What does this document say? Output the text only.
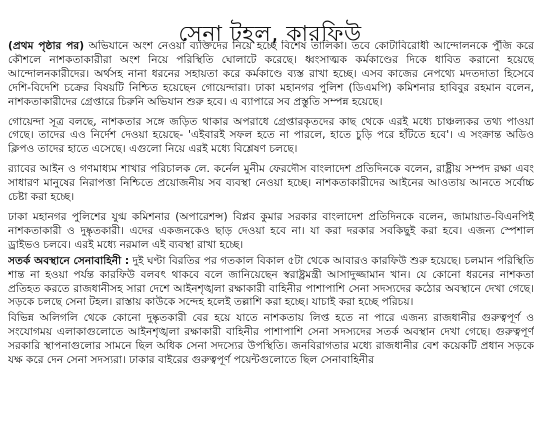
সেনা টহল, কারফিউ

(প্রথম পৃষ্ঠার পর) অভিযানে অংশ নেওয়া ব্যক্তিদের নিয়ে হচ্ছে বিশেষ তালিকা। তবে কোটাবিরোধী আন্দোলনকে পুঁজি করে কৌশলে নাশকতাকারীরা অংশ নিয়ে পরিস্থিতি ঘোলাটে করেছে। ধ্বংসাত্মক কর্মকাণ্ডের দিকে ধাবিত করানো হয়েছে আন্দোলনকারীদের। অর্থসহ নানা ধরনের সহায়তা করে কর্মকাণ্ডে ব্যস্ত রাখা হচ্ছে। এসব কাজের নেপথ্যে মদতদাতা হিসেবে দেশি-বিদেশি চক্রের বিষয়টি নিশ্চিত হয়েছেন গোয়েন্দারা। ঢাকা মহানগর পুলিশ (ডিএমপি) কমিশনার হাবিবুর রহমান বলেন, নাশকতাকারীদের গ্রেপ্তারে চিরুনি অভিযান শুরু হবে। এ ব্যাপারে সব প্রস্তুতি সম্পন্ন হয়েছে।

গোয়েন্দা সূত্র বলছে, নাশকতার সঙ্গে জড়িত থাকার অপরাধে গ্রেপ্তারকৃতদের কাছ থেকে এরই মধ্যে চাঞ্চল্যকর তথ্য পাওয়া গেছে। তাদের এও নির্দেশ দেওয়া হয়েছে- 'এইবারই সফল হতে না পারলে, হাতে চুড়ি পরে হাঁটতে হবে'। এ সংক্রান্ত অডিও ক্লিপও তাদের হাতে এসেছে। এগুলো নিয়ে এরই মধ্যে বিশ্লেষণ চলছে।

র‌্যাবের আইন ও গণমাধ্যম শাখার পরিচালক লে. কর্নেল মুনীম ফেরদৌস বাংলাদেশ প্রতিদিনকে বলেন, রাষ্ট্রীয় সম্পদ রক্ষা এবং সাধারণ মানুষের নিরাপত্তা নিশ্চিতে প্রয়োজনীয় সব ব্যবস্থা নেওয়া হচ্ছে। নাশকতাকারীদের আইনের আওতায় আনতে সর্বোচ্চ চেষ্টা করা হচ্ছে।

ঢাকা মহানগর পুলিশের যুগ্ম কমিশনার (অপারেশন্স) বিপ্লব কুমার সরকার বাংলাদেশ প্রতিদিনকে বলেন, জামায়াত-বিএনপিই নাশকতাকারী ও দুষ্কৃতকারী। এদের একজনকেও ছাড় দেওয়া হবে না। যা করা দরকার সবকিছুই করা হবে। এজন্য স্পেশাল ড্রাইভও চলবে। এরই মধ্যে নরমাল এই ব্যবস্থা রাখা হচ্ছে।

সতর্ক অবস্থানে সেনাবাহিনী : দুই ঘণ্টা বিরতির পর গতকাল বিকাল ৫টা থেকে আবারও কারফিউ শুরু হয়েছে। চলমান পরিস্থিতি শান্ত না হওয়া পর্যন্ত কারফিউ বলবৎ থাকবে বলে জানিয়েছেন স্বরাষ্ট্রমন্ত্রী আসাদুজ্জামান খান। যে কোনো ধরনের নাশকতা প্রতিহত করতে রাজধানীসহ সারা দেশে আইনশৃঙ্খলা রক্ষাকারী বাহিনীর পাশাপাশি সেনা সদস্যদের কঠোর অবস্থানে দেখা গেছে। সড়কে চলছে সেনা টহল। রাস্তায় কাউকে সন্দেহ হলেই তল্লাশি করা হচ্ছে। যাচাই করা হচ্ছে পরিচয়।

বিভিন্ন অলিগলি থেকে কোনো দুষ্কৃতকারী বের হয়ে যাতে নাশকতায় লিপ্ত হতে না পারে এজন্য রাজধানীর গুরুত্বপূর্ণ ও সংযোগময় এলাকাগুলোতে আইনশৃঙ্খলা রক্ষাকারী বাহিনীর পাশাপাশি সেনা সদস্যদের সতর্ক অবস্থান দেখা গেছে। গুরুত্বপূর্ণ সরকারি স্থাপনাগুলোর সামনে ছিল অধিক সেনা সদস্যের উপস্থিতি। জনবিরাগতার মধ্যে রাজধানীর বেশ কয়েকটি প্রধান সড়কে যক্ষ করে দেন সেনা সদস্যরা। ঢাকার বাইরের গুরুত্বপূর্ণ পয়েন্টগুলোতে ছিল সেনাবাহিনীর
